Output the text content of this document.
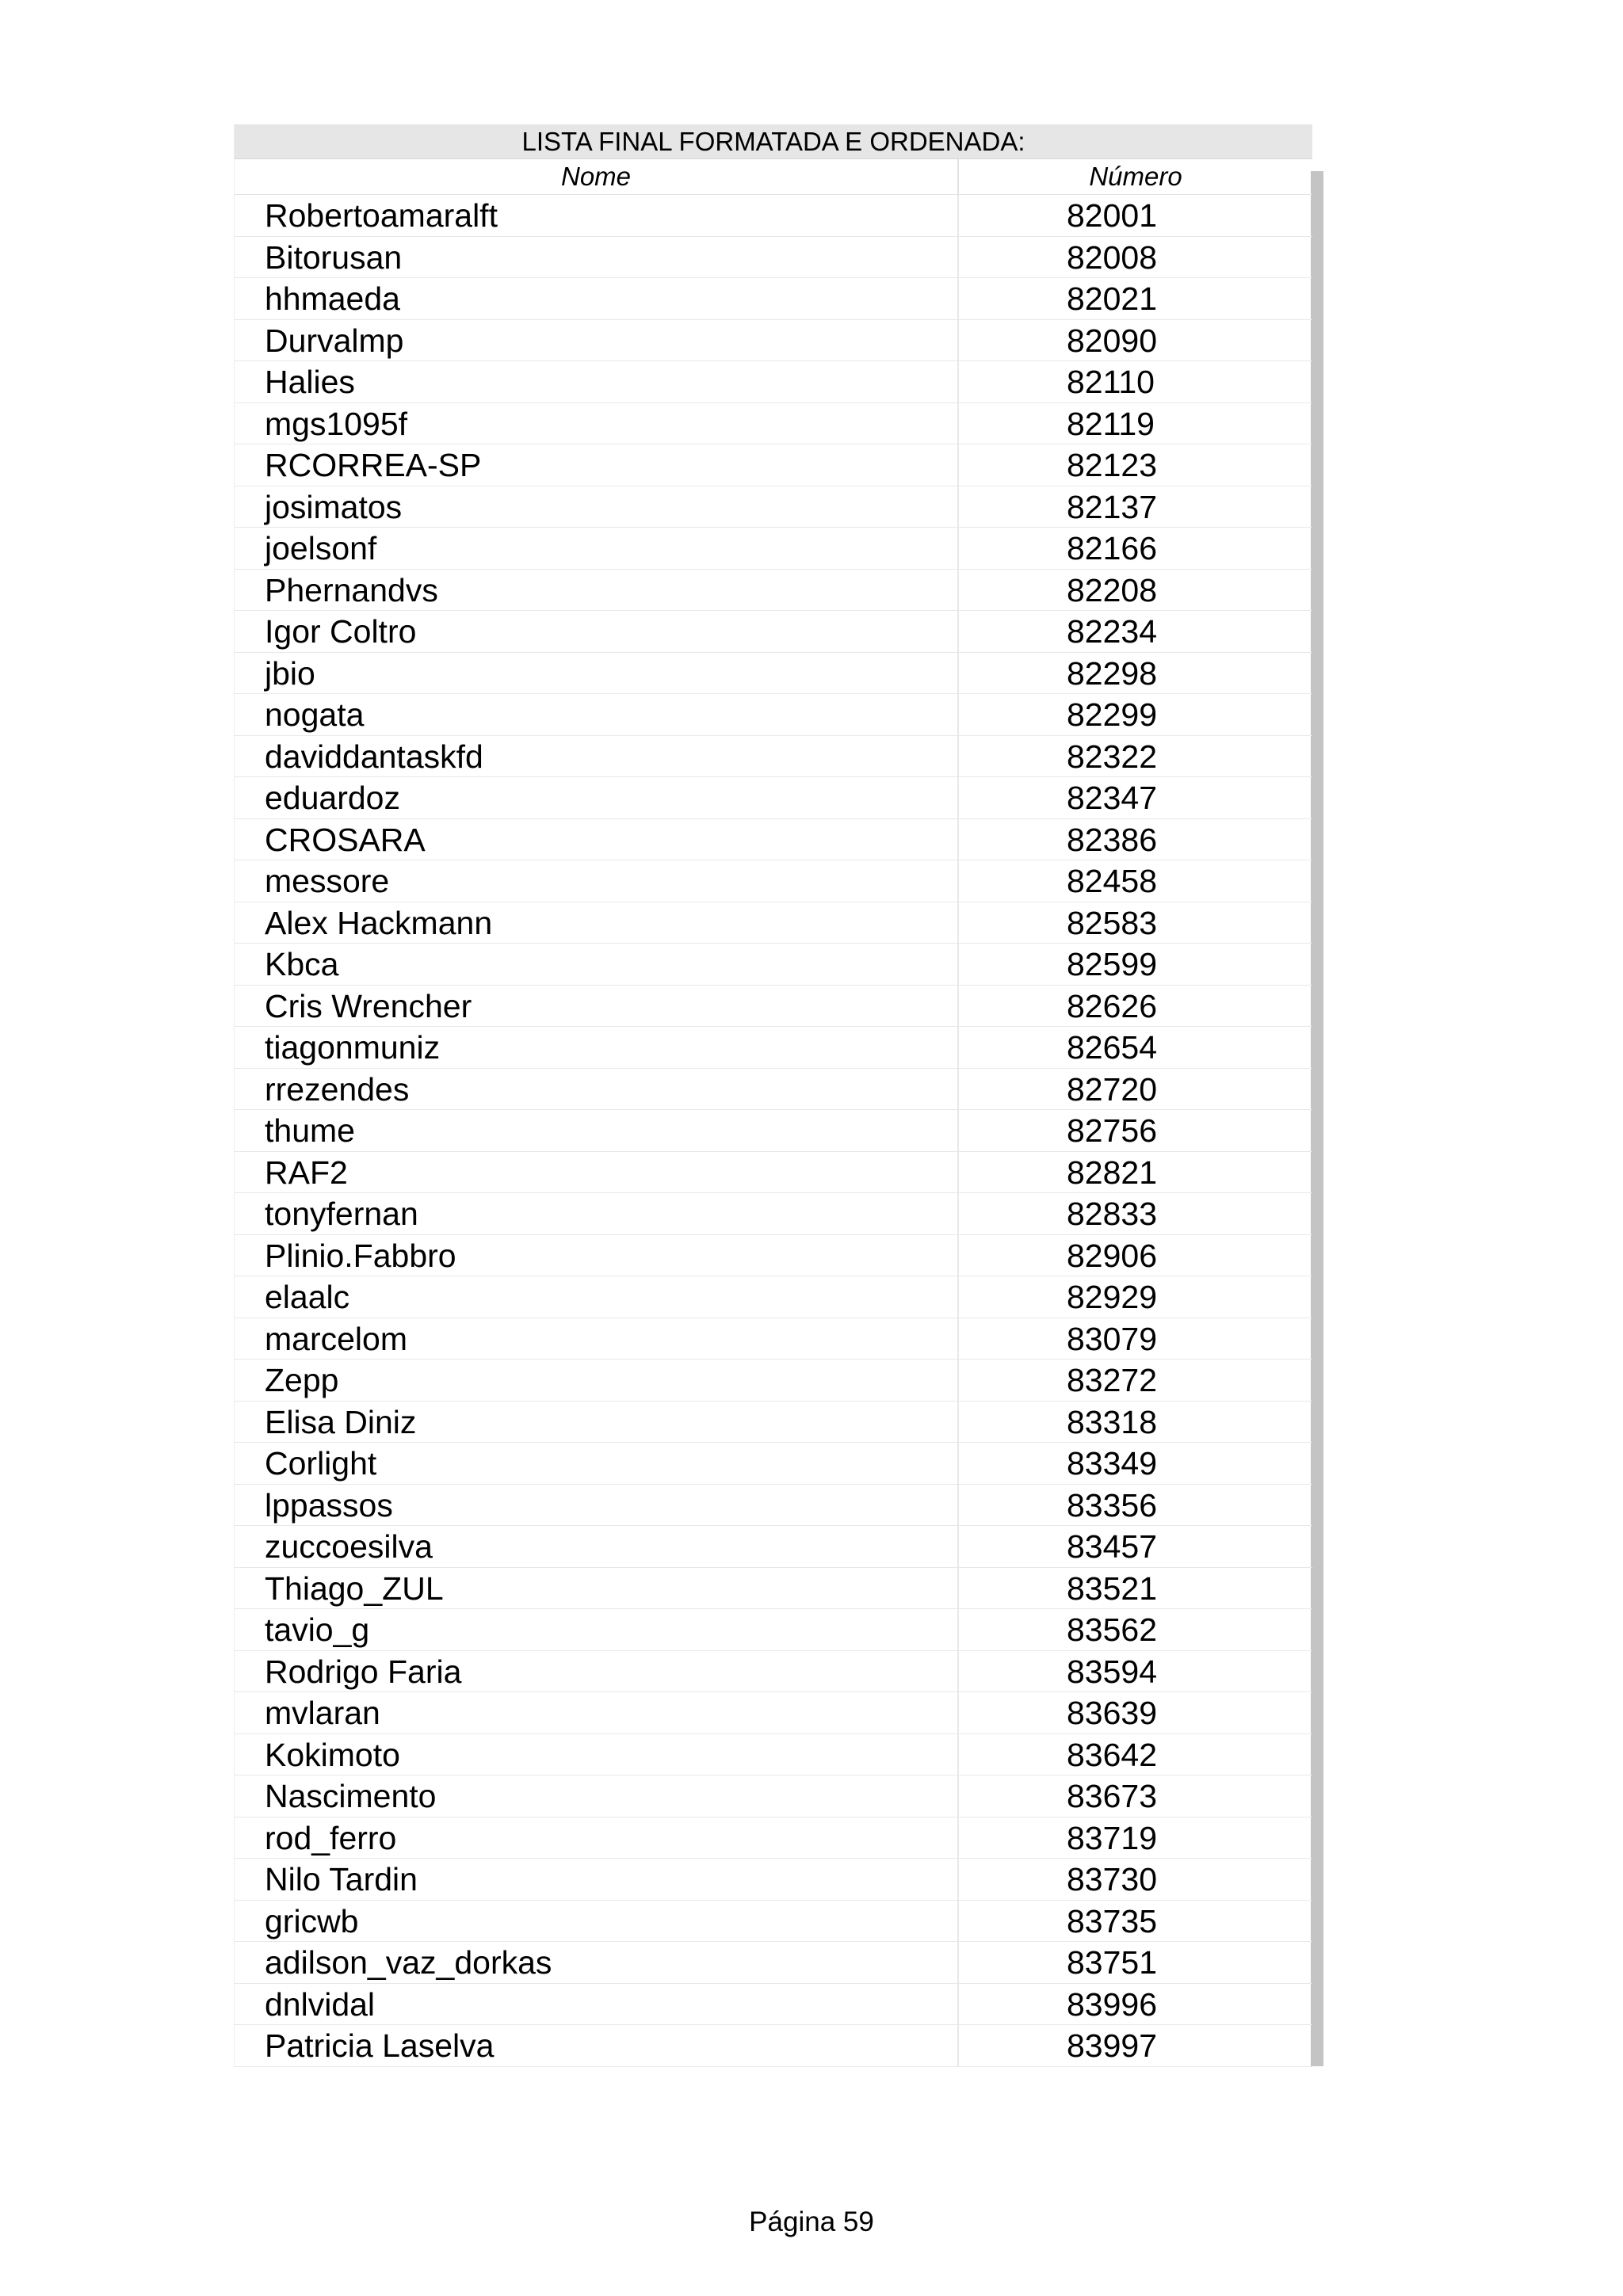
LISTA FINAL FORMATADA E ORDENADA:
Nome	Número
Robertoamaralft	82001
Bitorusan	82008
hhmaeda	82021
Durvalmp	82090
Halies	82110
mgs1095f	82119
RCORREA-SP	82123
josimatos	82137
joelsonf	82166
Phernandvs	82208
Igor Coltro	82234
jbio	82298
nogata	82299
daviddantaskfd	82322
eduardoz	82347
CROSARA	82386
messore	82458
Alex Hackmann	82583
Kbca	82599
Cris Wrencher	82626
tiagonmuniz	82654
rrezendes	82720
thume	82756
RAF2	82821
tonyfernan	82833
Plinio.Fabbro	82906
elaalc	82929
marcelom	83079
Zepp	83272
Elisa Diniz	83318
Corlight	83349
lppassos	83356
zuccoesilva	83457
Thiago_ZUL	83521
tavio_g	83562
Rodrigo Faria	83594
mvlaran	83639
Kokimoto	83642
Nascimento	83673
rod_ferro	83719
Nilo Tardin	83730
gricwb	83735
adilson_vaz_dorkas	83751
dnlvidal	83996
Patricia Laselva	83997
Página 59
